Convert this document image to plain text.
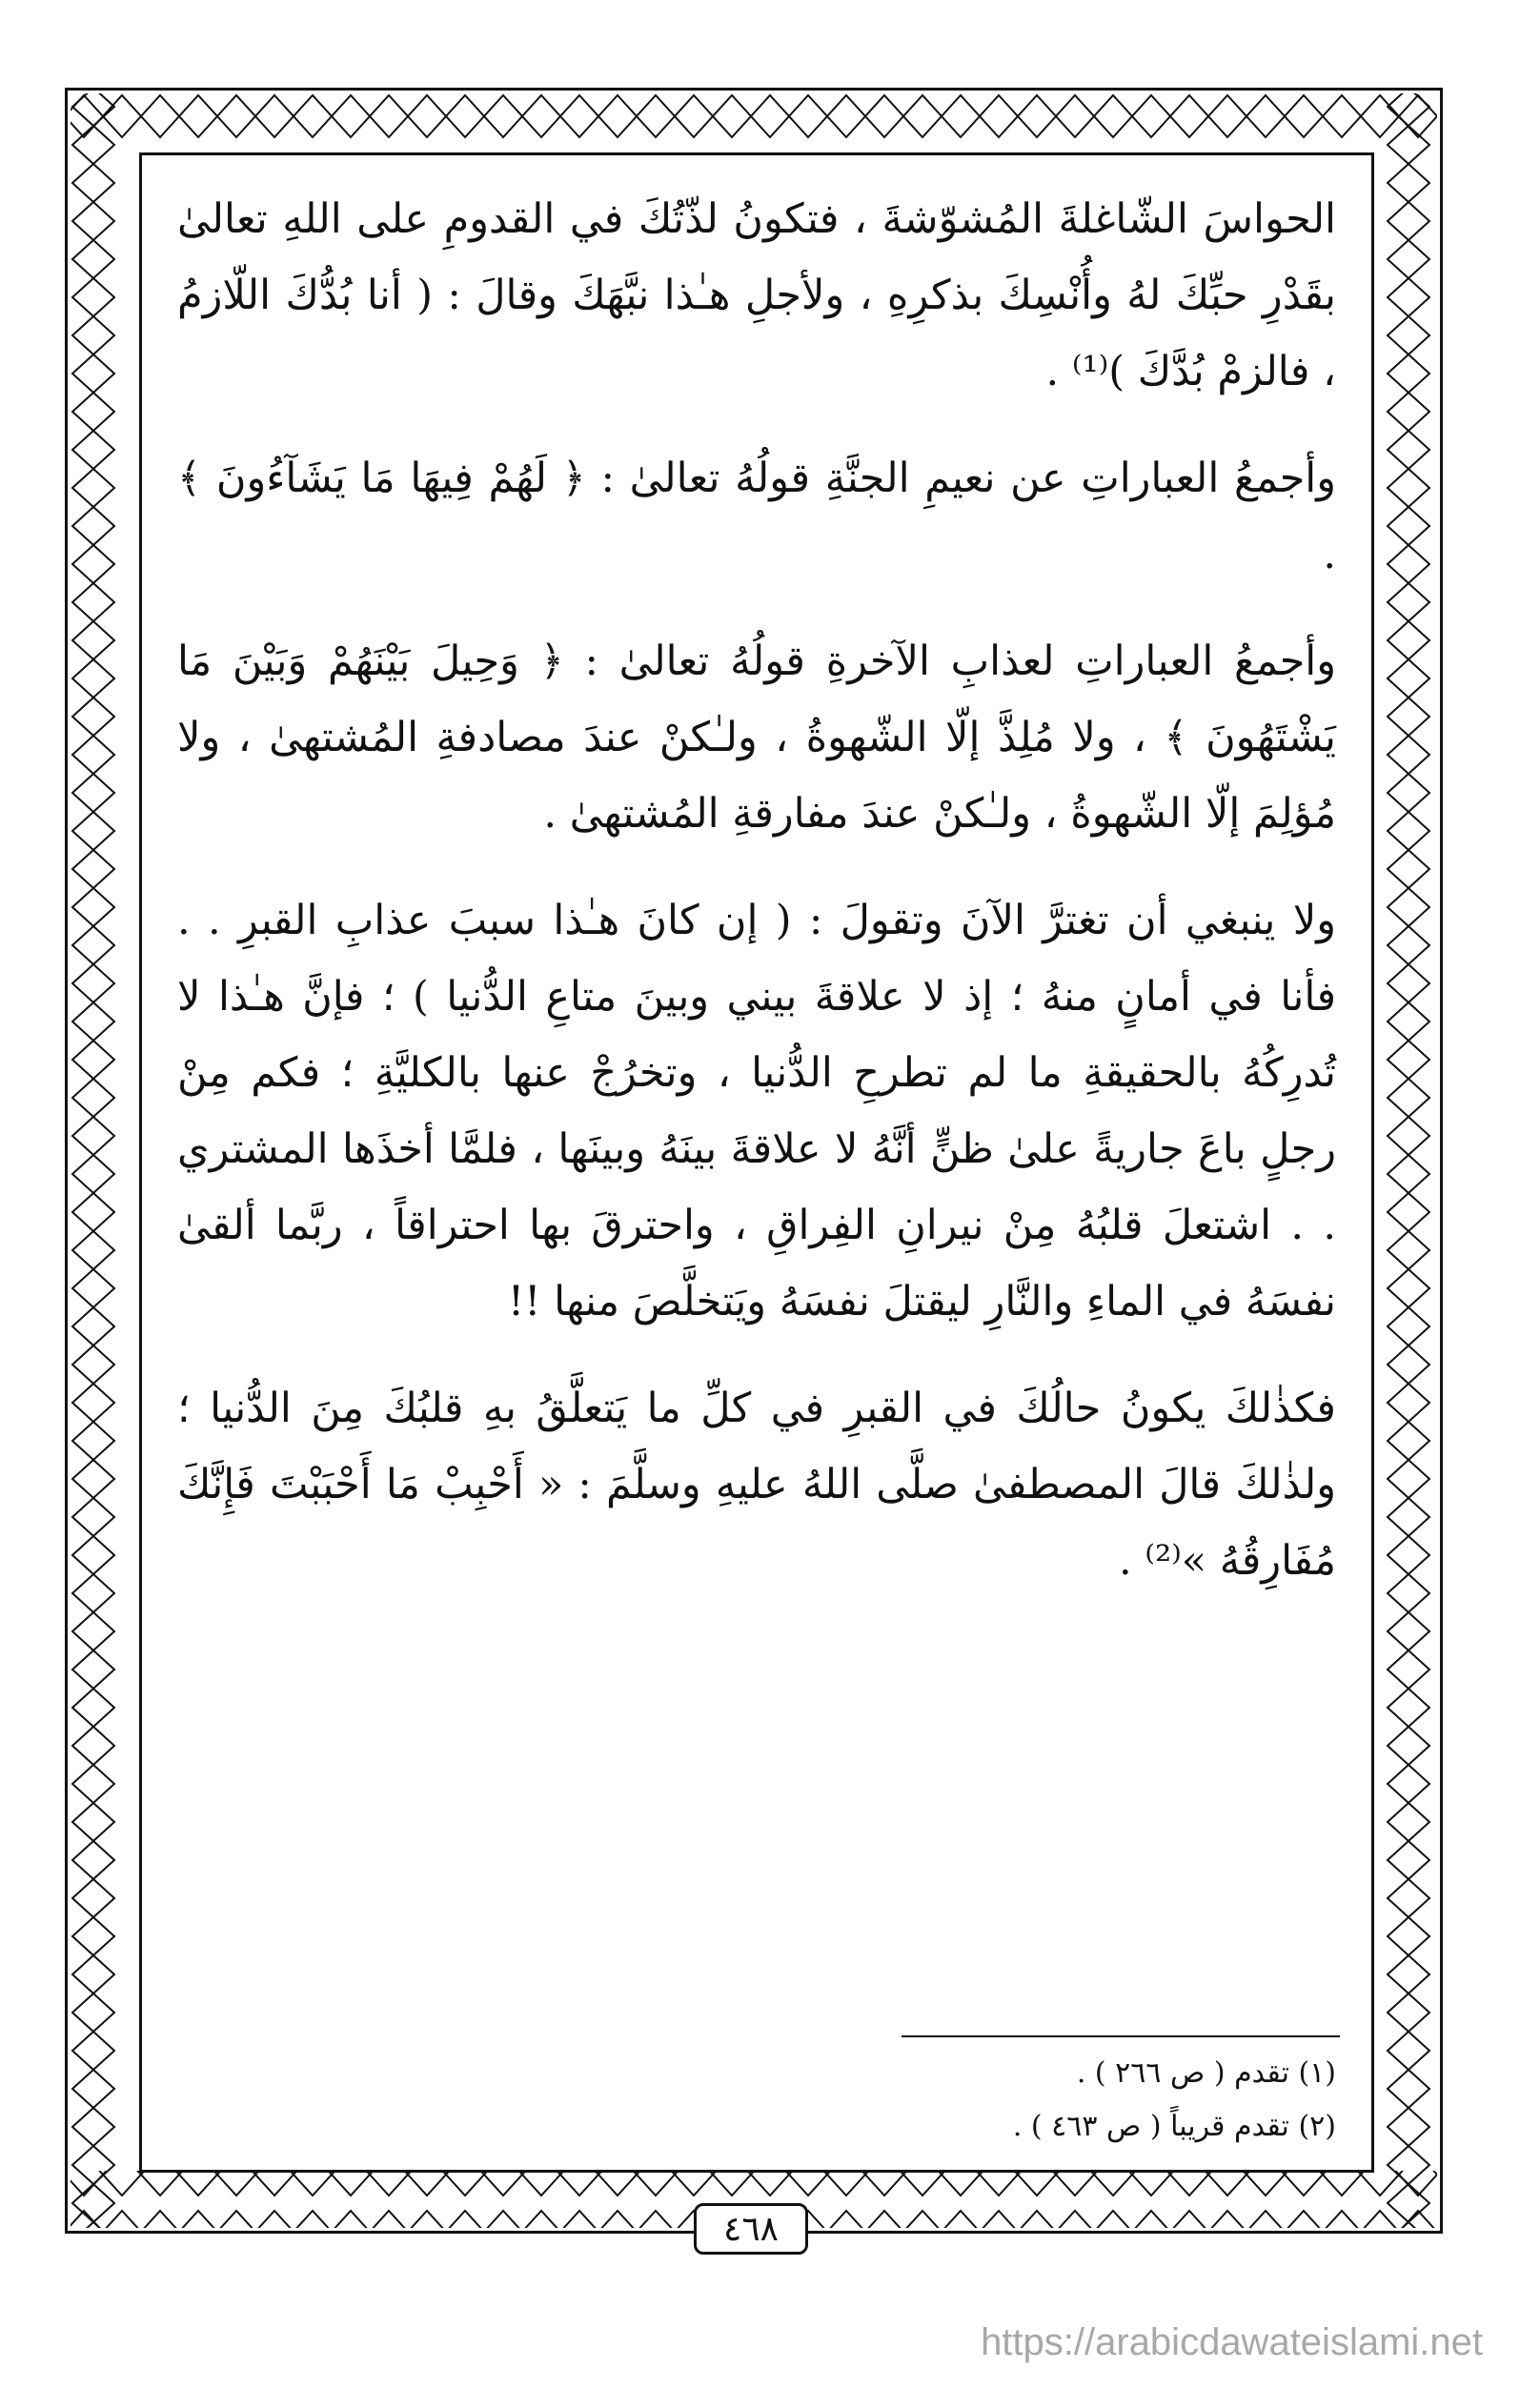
الحواسَ الشّاغلةَ المُشوّشةَ ، فتكونُ لذّتُكَ في القدومِ على اللهِ تعالىٰ بقَدْرِ حبِّكَ لهُ وأُنْسِكَ بذكرِهِ ، ولأجلِ هـٰذا نبَّهَكَ وقالَ : ( أنا بُدُّكَ اللّازمُ ، فالزمْ بُدَّكَ )⁽¹⁾ .

وأجمعُ العباراتِ عن نعيمِ الجنَّةِ قولُهُ تعالىٰ : ﴿ لَهُمْ فِيهَا مَا يَشَآءُونَ ﴾ .

وأجمعُ العباراتِ لعذابِ الآخرةِ قولُهُ تعالىٰ : ﴿ وَحِيلَ بَيْنَهُمْ وَبَيْنَ مَا يَشْتَهُونَ ﴾ ، ولا مُلِذَّ إلّا الشّهوةُ ، ولـٰكنْ عندَ مصادفةِ المُشتهىٰ ، ولا مُؤلِمَ إلّا الشّهوةُ ، ولـٰكنْ عندَ مفارقةِ المُشتهىٰ .

ولا ينبغي أن تغترَّ الآنَ وتقولَ : ( إن كانَ هـٰذا سببَ عذابِ القبرِ . . فأنا في أمانٍ منهُ ؛ إذ لا علاقةَ بيني وبينَ متاعِ الدُّنيا ) ؛ فإنَّ هـٰذا لا تُدرِكُهُ بالحقيقةِ ما لم تطرحِ الدُّنيا ، وتخرُجْ عنها بالكليَّةِ ؛ فكم مِنْ رجلٍ باعَ جاريةً علىٰ ظنٍّ أنَّهُ لا علاقةَ بينَهُ وبينَها ، فلمَّا أخذَها المشتري . . اشتعلَ قلبُهُ مِنْ نيرانِ الفِراقِ ، واحترقَ بها احتراقاً ، ربَّما ألقىٰ نفسَهُ في الماءِ والنَّارِ ليقتلَ نفسَهُ ويَتخلَّصَ منها !!

فكذٰلكَ يكونُ حالُكَ في القبرِ في كلِّ ما يَتعلَّقُ بهِ قلبُكَ مِنَ الدُّنيا ؛ ولذٰلكَ قالَ المصطفىٰ صلَّى اللهُ عليهِ وسلَّمَ : « أَحْبِبْ مَا أَحْبَبْتَ فَإِنَّكَ مُفَارِقُهُ »⁽²⁾ .

(١) تقدم ( ص ٢٦٦ ) .

(٢) تقدم قريباً ( ص ٤٦٣ ) .

٤٦٨
https://arabicdawateislami.net
